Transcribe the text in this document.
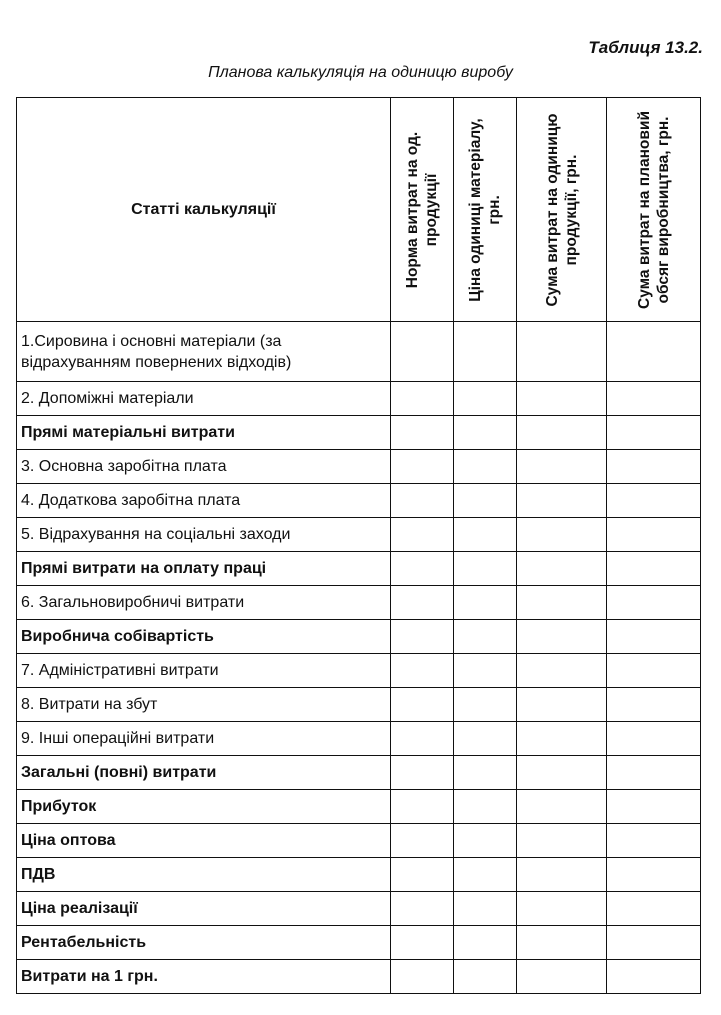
Таблиця 13.2.
Планова калькуляція на одиницю виробу
Статті калькуляції	Норма витрат на од. продукції	Ціна одиниці матеріалу, грн.	Сума витрат на одиницю продукції, грн.	Сума витрат на плановий обсяг виробництва, грн.

1.Сировина і основні матеріали (за відрахуванням повернених відходів)				
2. Допоміжні матеріали				
Прямі матеріальні витрати				
3. Основна заробітна плата				
4. Додаткова заробітна плата				
5. Відрахування на соціальні заходи				
Прямі витрати на оплату праці				
6. Загальновиробничі витрати				
Виробнича собівартість				
7. Адміністративні витрати				
8. Витрати на збут				
9. Інші операційні витрати				
Загальні (повні) витрати				
Прибуток				
Ціна оптова				
ПДВ				
Ціна реалізації				
Рентабельність				
Витрати на 1 грн.				
